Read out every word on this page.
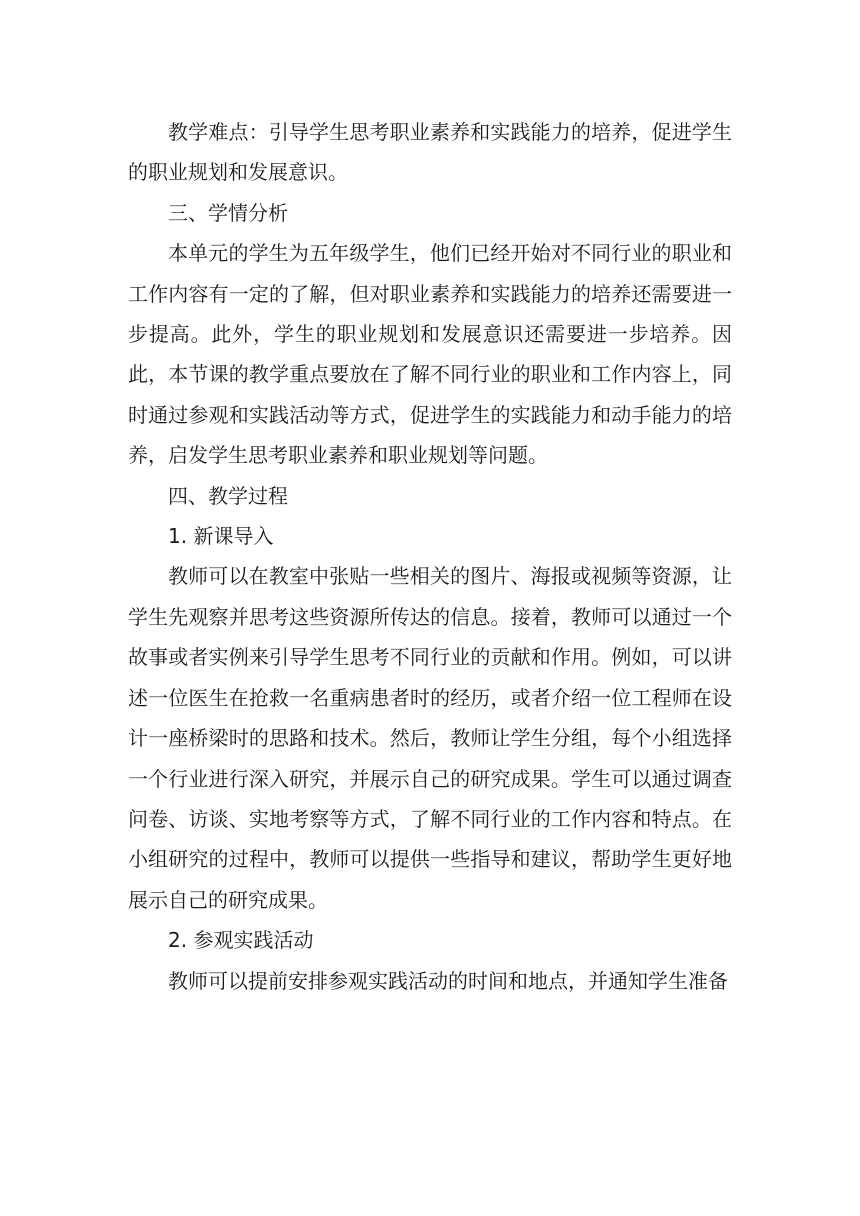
教学难点：引导学生思考职业素养和实践能力的培养，促进学生的职业规划和发展意识。

三、学情分析

本单元的学生为五年级学生，他们已经开始对不同行业的职业和工作内容有一定的了解，但对职业素养和实践能力的培养还需要进一步提高。此外，学生的职业规划和发展意识还需要进一步培养。因此，本节课的教学重点要放在了解不同行业的职业和工作内容上，同时通过参观和实践活动等方式，促进学生的实践能力和动手能力的培养，启发学生思考职业素养和职业规划等问题。

四、教学过程

1. 新课导入

教师可以在教室中张贴一些相关的图片、海报或视频等资源，让学生先观察并思考这些资源所传达的信息。接着，教师可以通过一个故事或者实例来引导学生思考不同行业的贡献和作用。例如，可以讲述一位医生在抢救一名重病患者时的经历，或者介绍一位工程师在设计一座桥梁时的思路和技术。然后，教师让学生分组，每个小组选择一个行业进行深入研究，并展示自己的研究成果。学生可以通过调查问卷、访谈、实地考察等方式，了解不同行业的工作内容和特点。在小组研究的过程中，教师可以提供一些指导和建议，帮助学生更好地展示自己的研究成果。

2. 参观实践活动

教师可以提前安排参观实践活动的时间和地点，并通知学生准备
